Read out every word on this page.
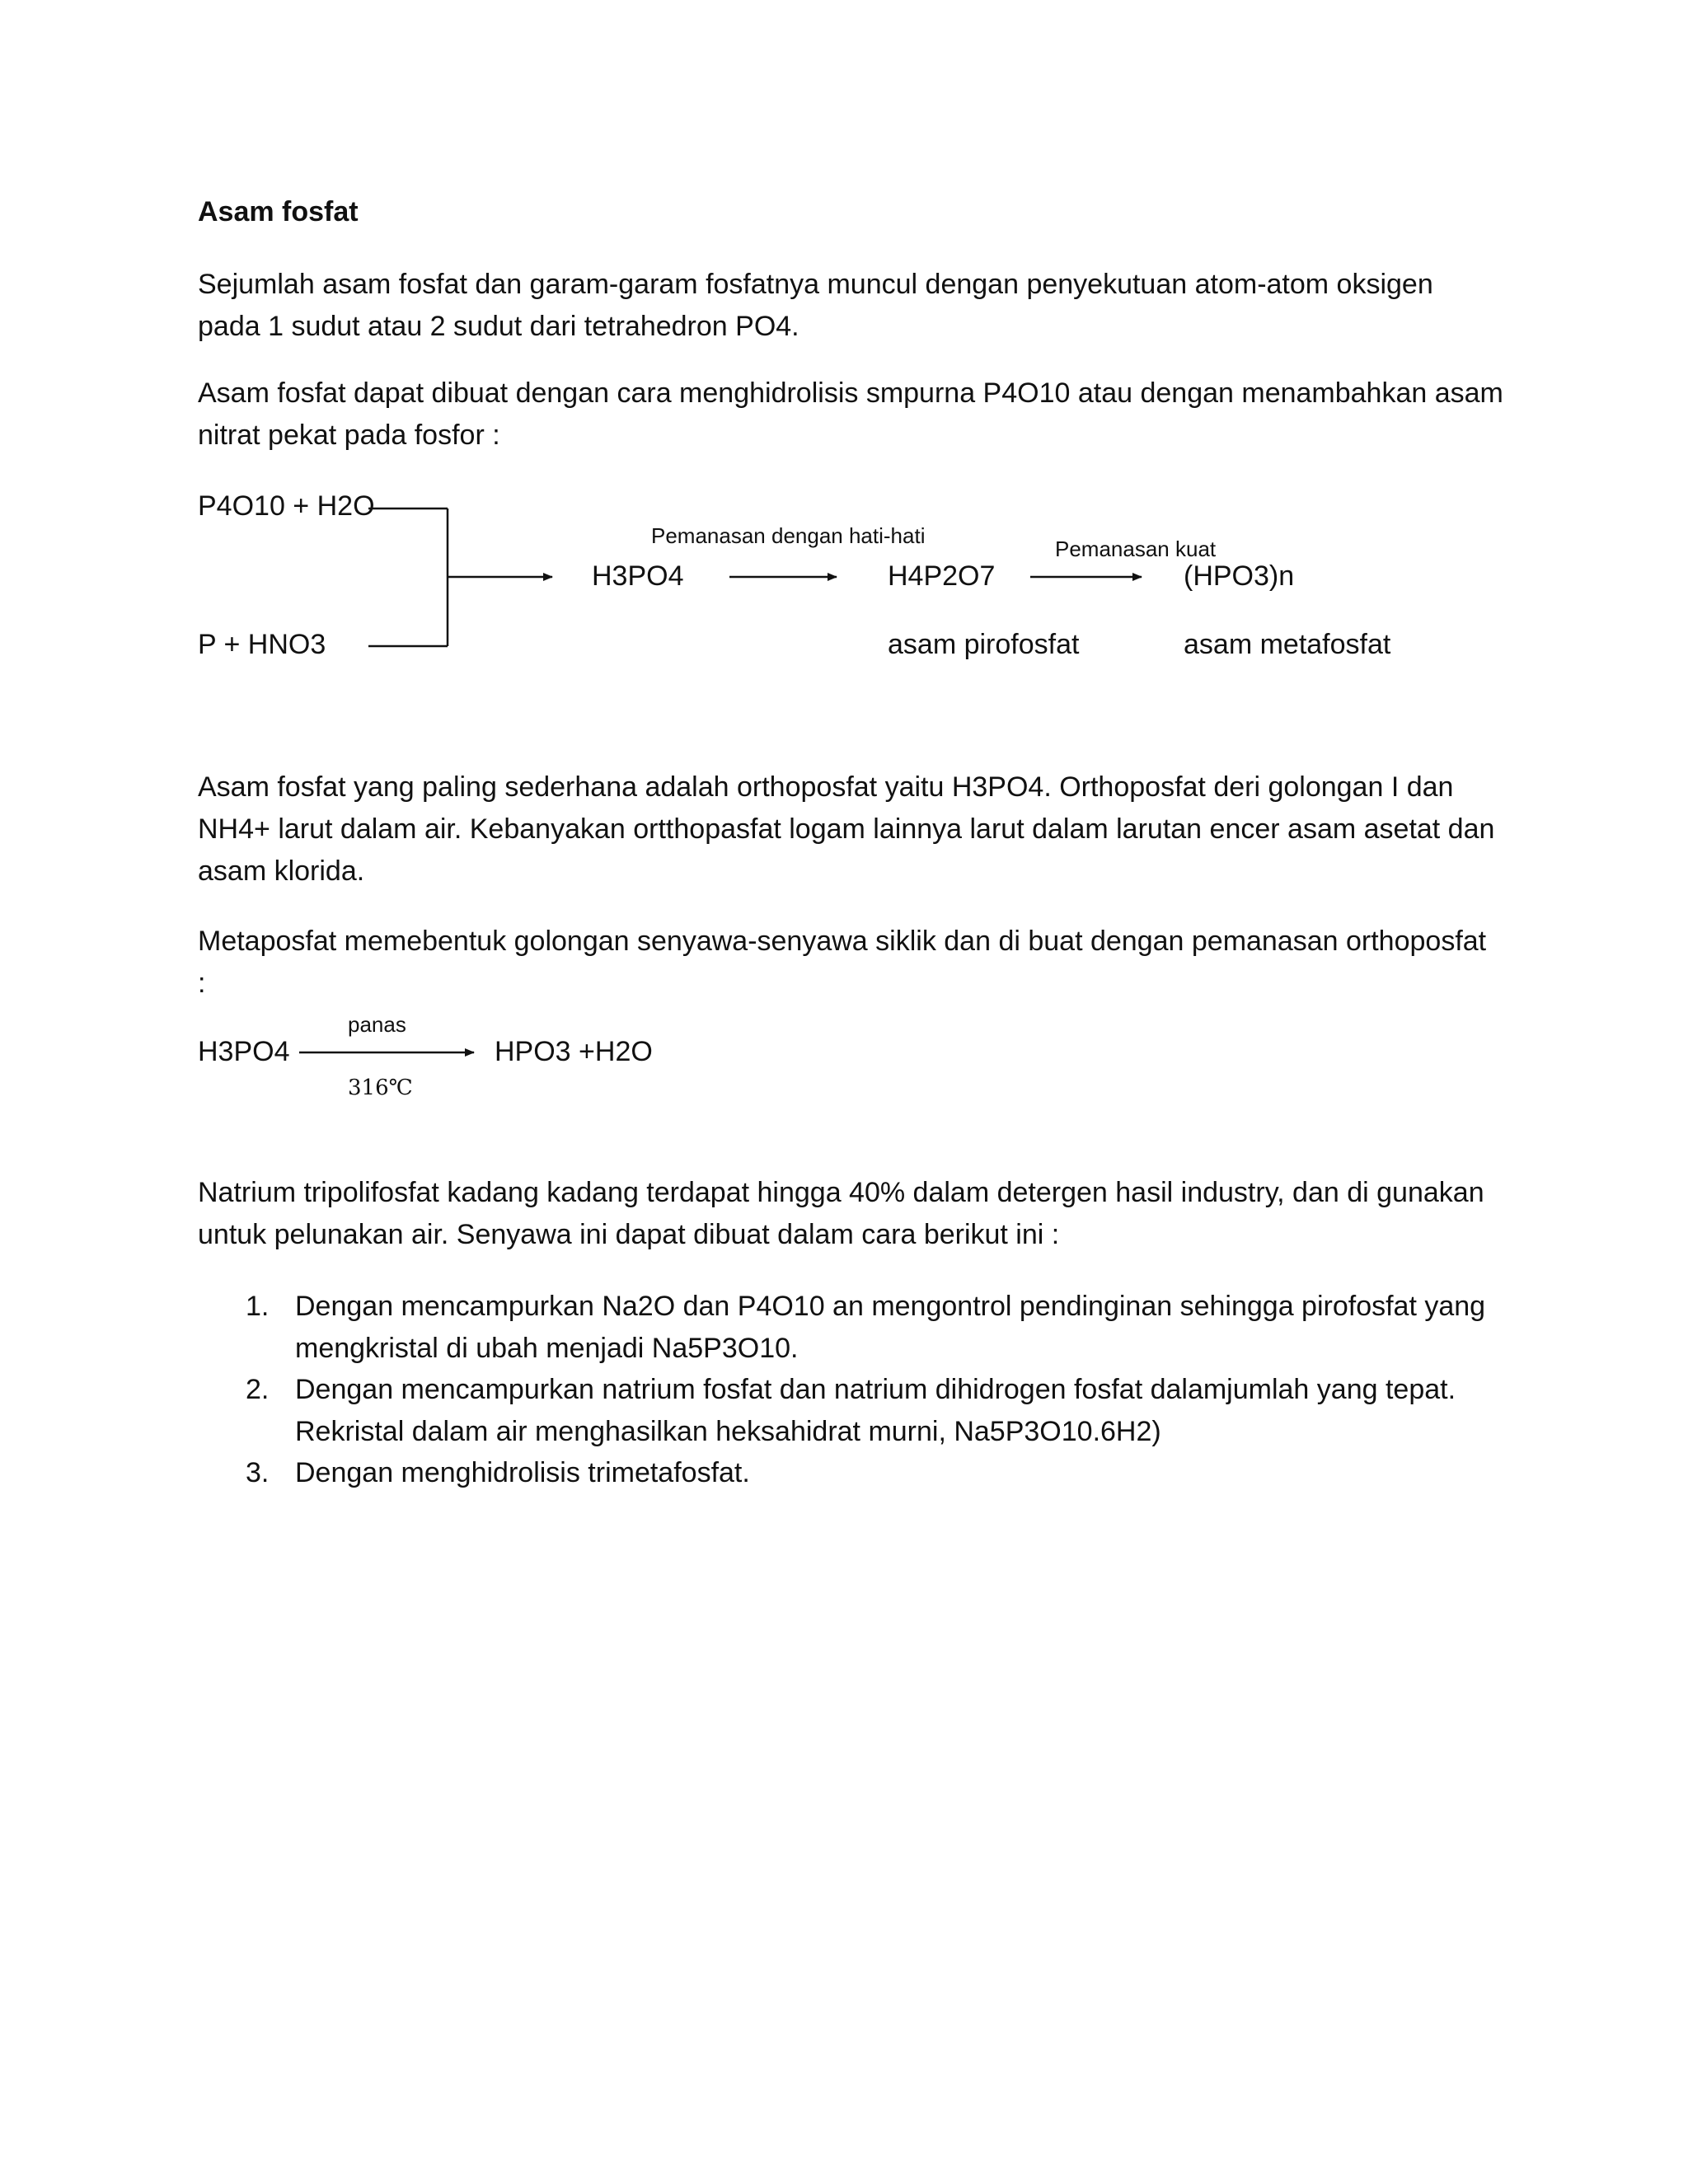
Asam fosfat
Sejumlah asam fosfat dan garam-garam fosfatnya muncul dengan penyekutuan atom-atom oksigen
pada 1 sudut atau 2 sudut dari tetrahedron PO4.
Asam fosfat dapat dibuat dengan cara menghidrolisis smpurna P4O10 atau dengan menambahkan asam
nitrat pekat pada fosfor :
P4O10 + H2O
P + HNO3
Pemanasan dengan hati-hati
Pemanasan kuat
H3PO4	H4P2O7	(HPO3)n
asam pirofosfat	asam metafosfat
Asam fosfat yang paling sederhana adalah orthoposfat yaitu H3PO4. Orthoposfat deri golongan I dan
NH4+ larut dalam air. Kebanyakan ortthopasfat logam lainnya larut dalam larutan encer asam asetat dan
asam klorida.
Metaposfat memebentuk golongan senyawa-senyawa siklik dan di buat dengan pemanasan orthoposfat
:
H3PO4
panas
316℃
HPO3 +H2O
Natrium tripolifosfat kadang kadang terdapat hingga 40% dalam detergen hasil industry, dan di gunakan
untuk pelunakan air. Senyawa ini dapat dibuat dalam cara berikut ini :
1. Dengan mencampurkan Na2O dan P4O10 an mengontrol pendinginan sehingga pirofosfat yang
mengkristal di ubah menjadi Na5P3O10.
2. Dengan mencampurkan natrium fosfat dan natrium dihidrogen fosfat dalamjumlah yang tepat.
Rekristal dalam air menghasilkan heksahidrat murni, Na5P3O10.6H2)
3. Dengan menghidrolisis trimetafosfat.
